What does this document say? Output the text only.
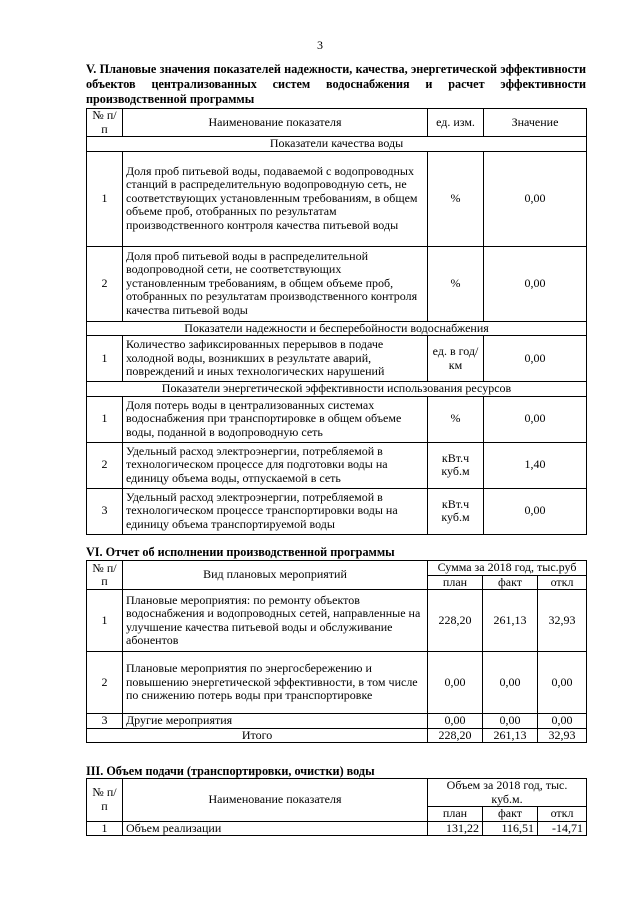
3
V. Плановые значения показателей надежности, качества, энергетической эффективности объектов централизованных систем водоснабжения и расчет эффективности производственной программы
№ п/п	Наименование показателя	ед. изм.	Значение
Показатели качества воды			
1	Доля проб питьевой воды, подаваемой с водопроводных станций в распределительную водопроводную сеть, не соответствующих установленным требованиям, в общем объеме проб, отобранных по результатам производственного контроля качества питьевой воды	%	0,00
2	Доля проб питьевой воды в распределительной водопроводной сети, не соответствующих установленным требованиям, в общем объеме проб, отобранных по результатам производственного контроля качества питьевой воды	%	0,00
Показатели надежности и бесперебойности водоснабжения			
1	Количество зафиксированных перерывов в подаче холодной воды, возникших в результате аварий, повреждений и иных технологических нарушений	ед. в год/ км	0,00
Показатели энергетической эффективности использования ресурсов			
1	Доля потерь воды в централизованных системах водоснабжения при транспортировке в общем объеме воды, поданной в водопроводную сеть	%	0,00
2	Удельный расход электроэнергии, потребляемой в технологическом процессе для подготовки воды на единицу объема воды, отпускаемой в сеть	кВт.ч куб.м	1,40
3	Удельный расход электроэнергии, потребляемой в технологическом процессе транспортировки воды на единицу объема транспортируемой воды	кВт.ч куб.м	0,00
VI. Отчет об исполнении производственной программы
№ п/п	Вид плановых мероприятий	Сумма за 2018 год, тыс.руб		
		план	факт	откл
1	Плановые мероприятия: по ремонту объектов водоснабжения и водопроводных сетей, направленные на улучшение качества питьевой воды и обслуживание абонентов	228,20	261,13	32,93
2	Плановые мероприятия по энергосбережению и повышению энергетической эффективности, в том числе по снижению потерь воды при транспортировке	0,00	0,00	0,00
3	Другие мероприятия	0,00	0,00	0,00
Итого		228,20	261,13	32,93
III. Объем подачи (транспортировки, очистки) воды
№ п/п	Наименование показателя	Объем за 2018 год, тыс. куб.м.		
		план	факт	откл
1	Объем реализации	131,22	116,51	-14,71
